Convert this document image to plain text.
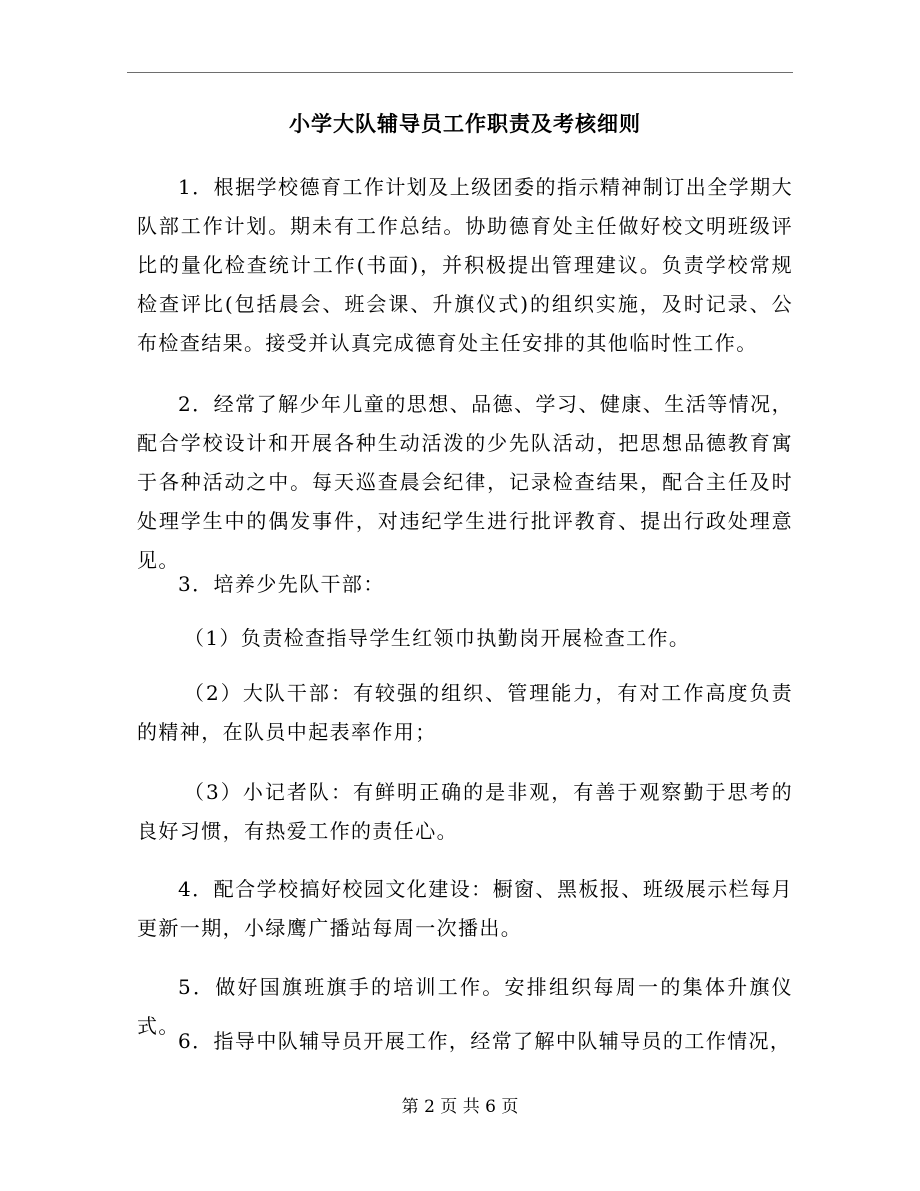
小学大队辅导员工作职责及考核细则

1．根据学校德育工作计划及上级团委的指示精神制订出全学期大队部工作计划。期未有工作总结。协助德育处主任做好校文明班级评比的量化检查统计工作(书面)，并积极提出管理建议。负责学校常规检查评比(包括晨会、班会课、升旗仪式)的组织实施，及时记录、公布检查结果。接受并认真完成德育处主任安排的其他临时性工作。

2．经常了解少年儿童的思想、品德、学习、健康、生活等情况，配合学校设计和开展各种生动活泼的少先队活动，把思想品德教育寓于各种活动之中。每天巡查晨会纪律，记录检查结果，配合主任及时处理学生中的偶发事件，对违纪学生进行批评教育、提出行政处理意见。

3．培养少先队干部：

（1）负责检查指导学生红领巾执勤岗开展检查工作。

（2）大队干部：有较强的组织、管理能力，有对工作高度负责的精神，在队员中起表率作用；

（3）小记者队：有鲜明正确的是非观，有善于观察勤于思考的良好习惯，有热爱工作的责任心。

4．配合学校搞好校园文化建设：橱窗、黑板报、班级展示栏每月更新一期，小绿鹰广播站每周一次播出。

5．做好国旗班旗手的培训工作。安排组织每周一的集体升旗仪式。

6．指导中队辅导员开展工作，经常了解中队辅导员的工作情况，

第 2 页 共 6 页
